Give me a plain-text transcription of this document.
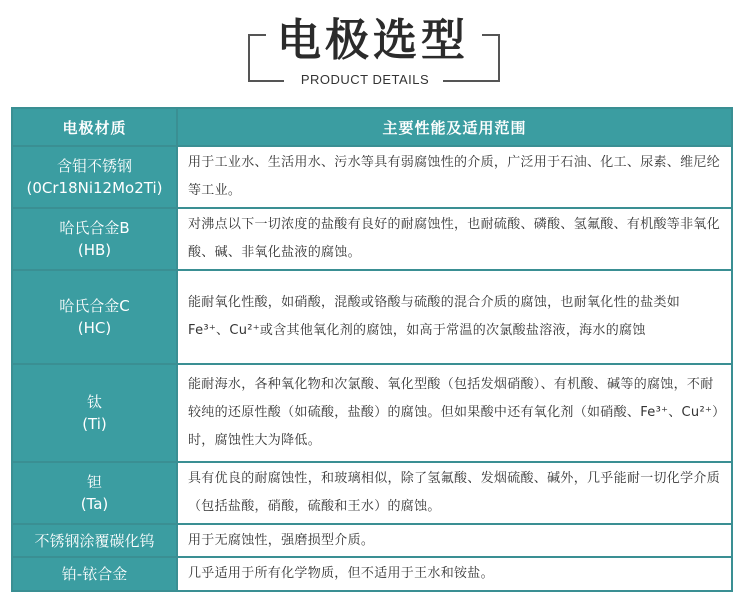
电极选型
PRODUCT DETAILS
电极材质	主要性能及适用范围

含钼不锈钢
(0Cr18Ni12Mo2Ti)	用于工业水、生活用水、污水等具有弱腐蚀性的介质，广泛用于石油、化工、尿素、维尼纶等工业。

哈氏合金B
(HB)	对沸点以下一切浓度的盐酸有良好的耐腐蚀性，也耐硫酸、磷酸、氢氟酸、有机酸等非氧化酸、碱、非氧化盐液的腐蚀。

哈氏合金C
(HC)	能耐氧化性酸，如硝酸，混酸或铬酸与硫酸的混合介质的腐蚀，也耐氧化性的盐类如Fe³⁺、Cu²⁺或含其他氧化剂的腐蚀，如高于常温的次氯酸盐溶液，海水的腐蚀

钛
(Ti)	能耐海水，各种氧化物和次氯酸、氧化型酸（包括发烟硝酸）、有机酸、碱等的腐蚀，不耐较纯的还原性酸（如硫酸，盐酸）的腐蚀。但如果酸中还有氧化剂（如硝酸、Fe³⁺、Cu²⁺）时，腐蚀性大为降低。

钽
(Ta)	具有优良的耐腐蚀性，和玻璃相似，除了氢氟酸、发烟硫酸、碱外，几乎能耐一切化学介质（包括盐酸，硝酸，硫酸和王水）的腐蚀。

不锈钢涂覆碳化钨	用于无腐蚀性，强磨损型介质。

铂-铱合金	几乎适用于所有化学物质，但不适用于王水和铵盐。
